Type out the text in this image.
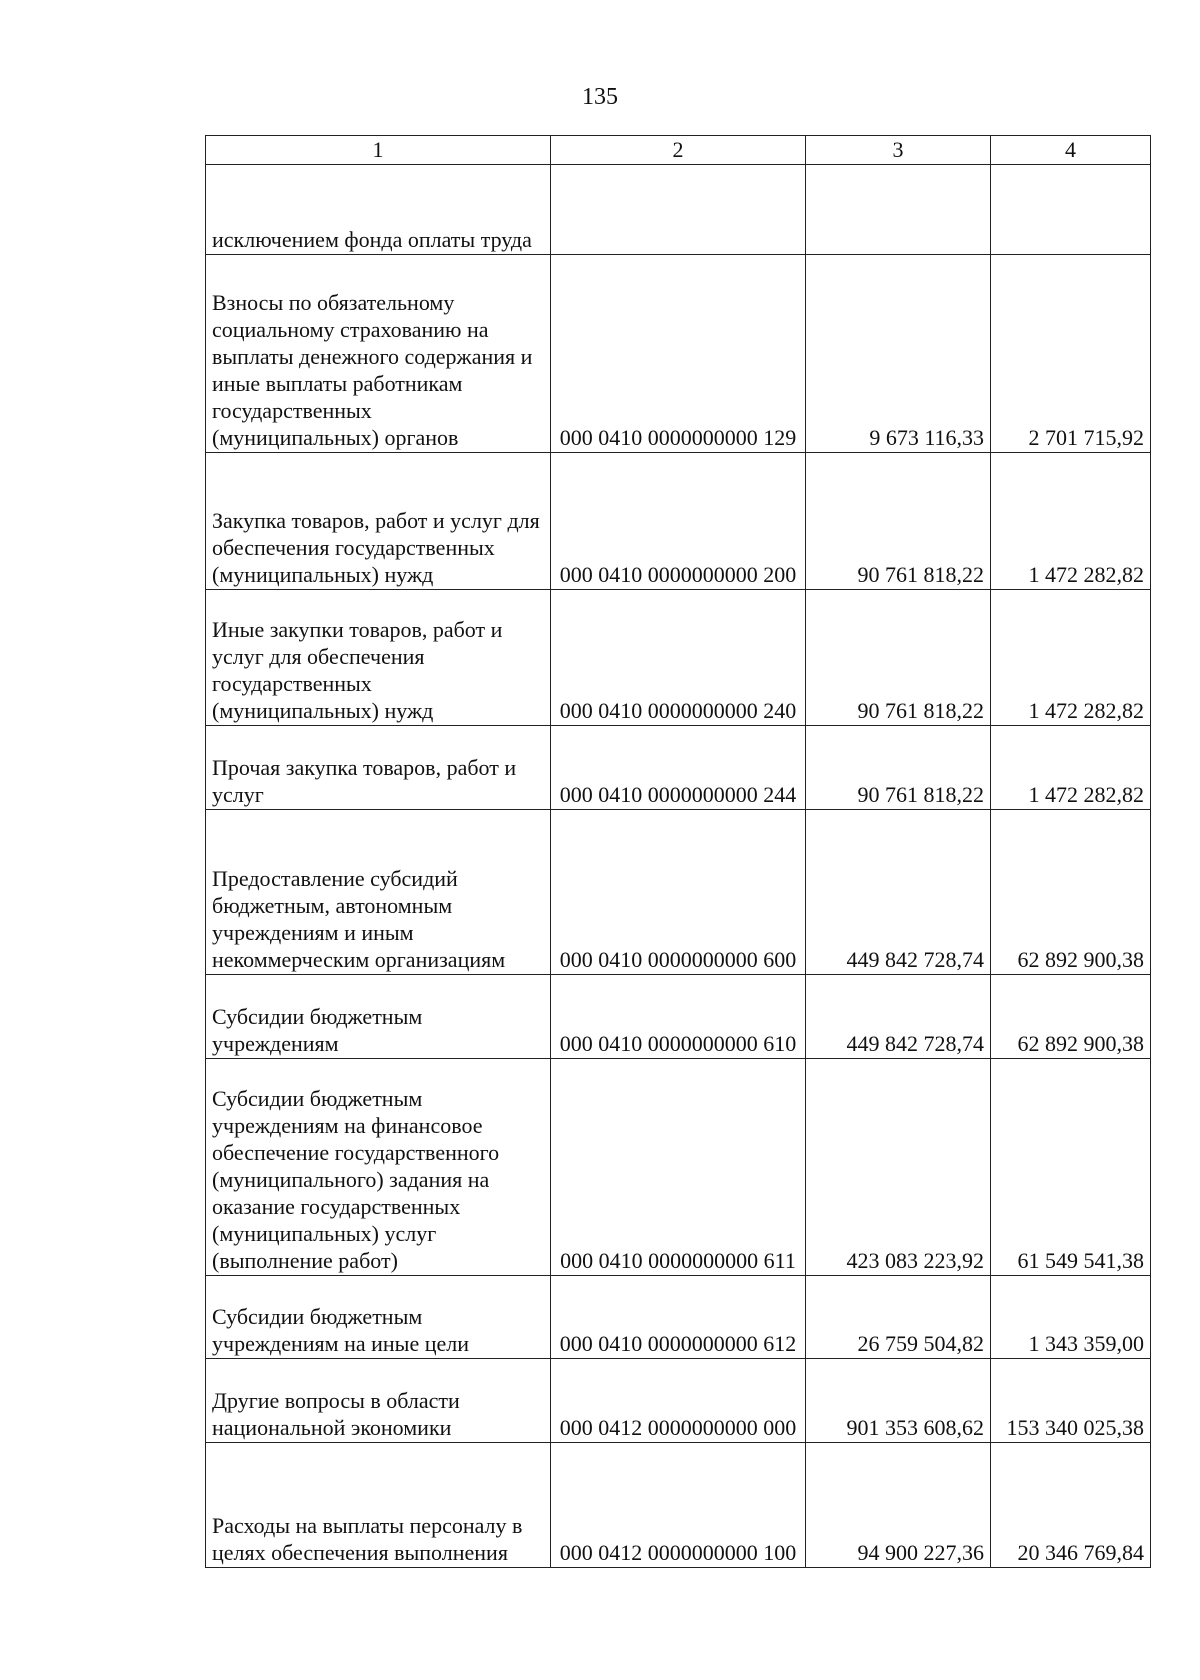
135
1	2	3	4
исключением фонда оплаты труда			
Взносы по обязательному социальному страхованию на выплаты денежного содержания и иные выплаты работникам государственных (муниципальных) органов	000 0410 0000000000 129	9 673 116,33	2 701 715,92
Закупка товаров, работ и услуг для обеспечения государственных (муниципальных) нужд	000 0410 0000000000 200	90 761 818,22	1 472 282,82
Иные закупки товаров, работ и услуг для обеспечения государственных (муниципальных) нужд	000 0410 0000000000 240	90 761 818,22	1 472 282,82
Прочая закупка товаров, работ и услуг	000 0410 0000000000 244	90 761 818,22	1 472 282,82
Предоставление субсидий бюджетным, автономным учреждениям и иным некоммерческим организациям	000 0410 0000000000 600	449 842 728,74	62 892 900,38
Субсидии бюджетным учреждениям	000 0410 0000000000 610	449 842 728,74	62 892 900,38
Субсидии бюджетным учреждениям на финансовое обеспечение государственного (муниципального) задания на оказание государственных (муниципальных) услуг (выполнение работ)	000 0410 0000000000 611	423 083 223,92	61 549 541,38
Субсидии бюджетным учреждениям на иные цели	000 0410 0000000000 612	26 759 504,82	1 343 359,00
Другие вопросы в области национальной экономики	000 0412 0000000000 000	901 353 608,62	153 340 025,38
Расходы на выплаты персоналу в целях обеспечения выполнения	000 0412 0000000000 100	94 900 227,36	20 346 769,84
